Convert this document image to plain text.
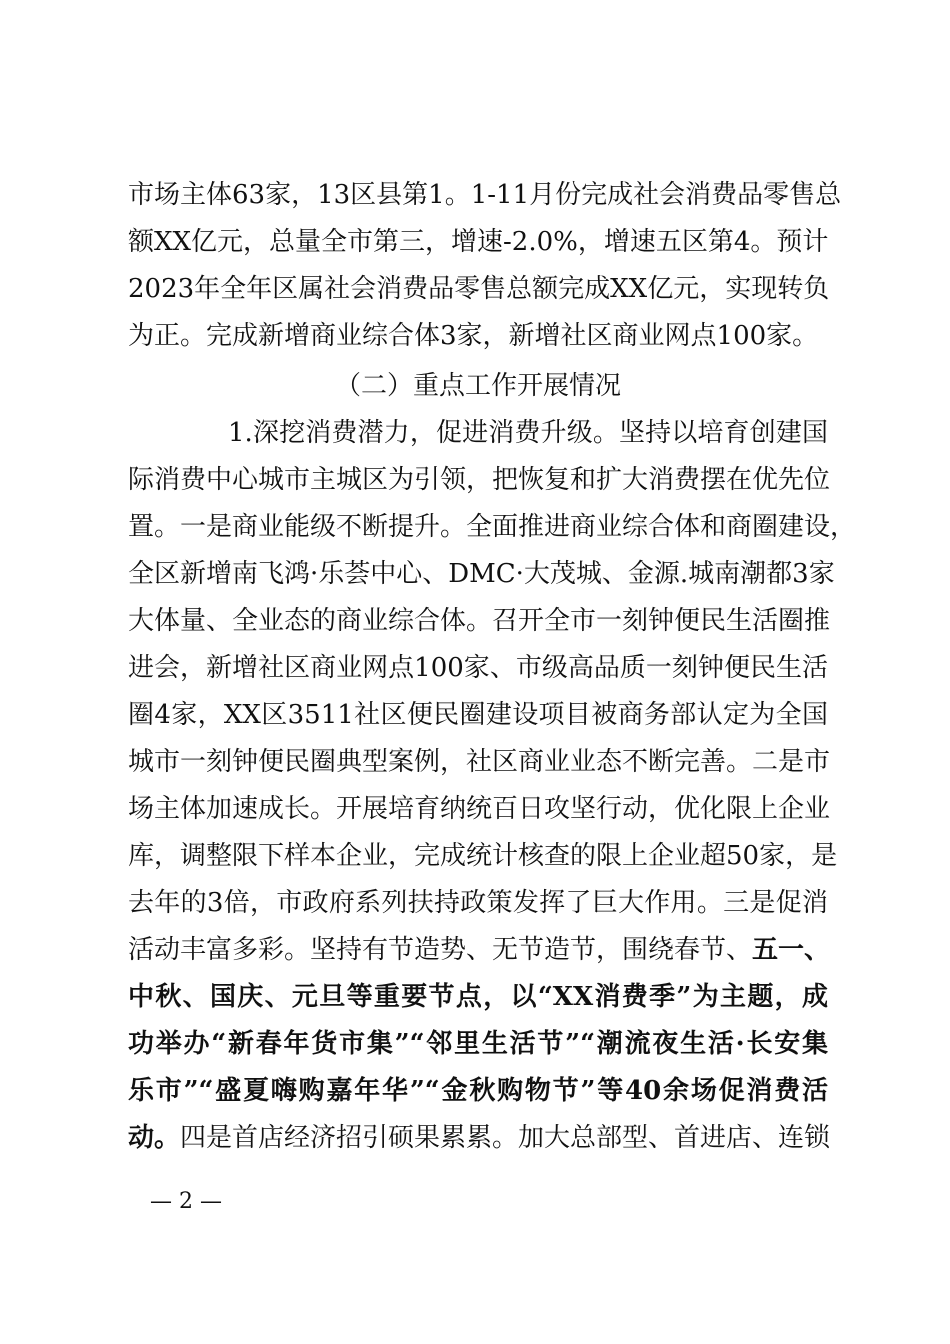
市场主体63家，13区县第1。1-11月份完成社会消费品零售总
额XX亿元，总量全市第三，增速-2.0%，增速五区第4。预计
2023年全年区属社会消费品零售总额完成XX亿元，实现转负
为正。完成新增商业综合体3家，新增社区商业网点100家。
（二）重点工作开展情况
1.深挖消费潜力，促进消费升级。坚持以培育创建国
际消费中心城市主城区为引领，把恢复和扩大消费摆在优先位
置。一是商业能级不断提升。全面推进商业综合体和商圈建设，
全区新增南飞鸿·乐荟中心、DMC·大茂城、金源.城南潮都3家
大体量、全业态的商业综合体。召开全市一刻钟便民生活圈推
进会，新增社区商业网点100家、市级高品质一刻钟便民生活
圈4家，XX区3511社区便民圈建设项目被商务部认定为全国
城市一刻钟便民圈典型案例，社区商业业态不断完善。二是市
场主体加速成长。开展培育纳统百日攻坚行动，优化限上企业
库，调整限下样本企业，完成统计核查的限上企业超50家，是
去年的3倍，市政府系列扶持政策发挥了巨大作用。三是促消
活动丰富多彩。坚持有节造势、无节造节，围绕春节、五一、
中秋、国庆、元旦等重要节点，以“XX消费季”为主题，成
功举办“新春年货市集”“邻里生活节”“潮流夜生活·长安集
乐市”“盛夏嗨购嘉年华”“金秋购物节”等40余场促消费活
动。四是首店经济招引硕果累累。加大总部型、首进店、连锁
— 2 —
